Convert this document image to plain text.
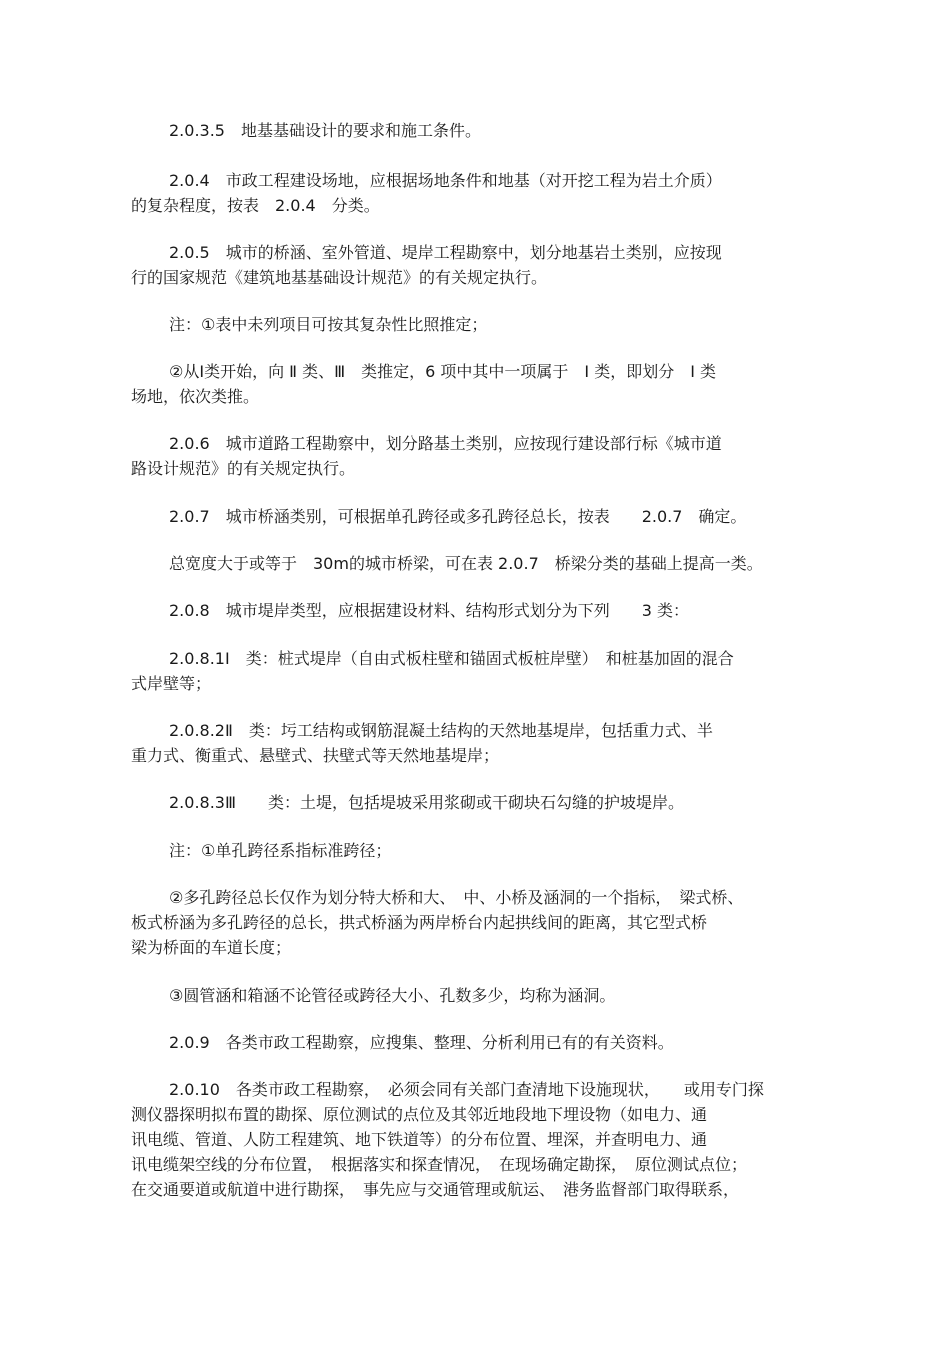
2.0.3.5　地基基础设计的要求和施工条件。

2.0.4　市政工程建设场地，应根据场地条件和地基（对开挖工程为岩土介质）
的复杂程度，按表　2.0.4　分类。

2.0.5　城市的桥涵、室外管道、堤岸工程勘察中，划分地基岩土类别，应按现
行的国家规范《建筑地基基础设计规范》的有关规定执行。

注：①表中未列项目可按其复杂性比照推定；

②从Ⅰ类开始，向 Ⅱ 类、Ⅲ　类推定，6 项中其中一项属于　Ⅰ 类，即划分　Ⅰ 类
场地，依次类推。

2.0.6　城市道路工程勘察中，划分路基土类别，应按现行建设部行标《城市道
路设计规范》的有关规定执行。

2.0.7　城市桥涵类别，可根据单孔跨径或多孔跨径总长，按表　　2.0.7　确定。

总宽度大于或等于　30m的城市桥梁，可在表 2.0.7　桥梁分类的基础上提高一类。

2.0.8　城市堤岸类型，应根据建设材料、结构形式划分为下列　　3 类：

2.0.8.1Ⅰ　类：桩式堤岸（自由式板柱壁和锚固式板桩岸壁）　和桩基加固的混合
式岸壁等；

2.0.8.2Ⅱ　类：圬工结构或钢筋混凝土结构的天然地基堤岸，包括重力式、半
重力式、衡重式、悬壁式、扶壁式等天然地基堤岸；

2.0.8.3Ⅲ　　类：土堤，包括堤坡采用浆砌或干砌块石勾缝的护坡堤岸。

注：①单孔跨径系指标准跨径；

②多孔跨径总长仅作为划分特大桥和大、　中、小桥及涵洞的一个指标，　梁式桥、
板式桥涵为多孔跨径的总长，拱式桥涵为两岸桥台内起拱线间的距离，其它型式桥
梁为桥面的车道长度；

③圆管涵和箱涵不论管径或跨径大小、孔数多少，均称为涵洞。

2.0.9　各类市政工程勘察，应搜集、整理、分析利用已有的有关资料。

2.0.10　各类市政工程勘察，　必须会同有关部门查清地下设施现状，　　或用专门探
测仪器探明拟布置的勘探、原位测试的点位及其邻近地段地下埋设物（如电力、通
讯电缆、管道、人防工程建筑、地下铁道等）的分布位置、埋深，并查明电力、通
讯电缆架空线的分布位置，　根据落实和探查情况，　在现场确定勘探，　原位测试点位；
在交通要道或航道中进行勘探，　事先应与交通管理或航运、　港务监督部门取得联系，
